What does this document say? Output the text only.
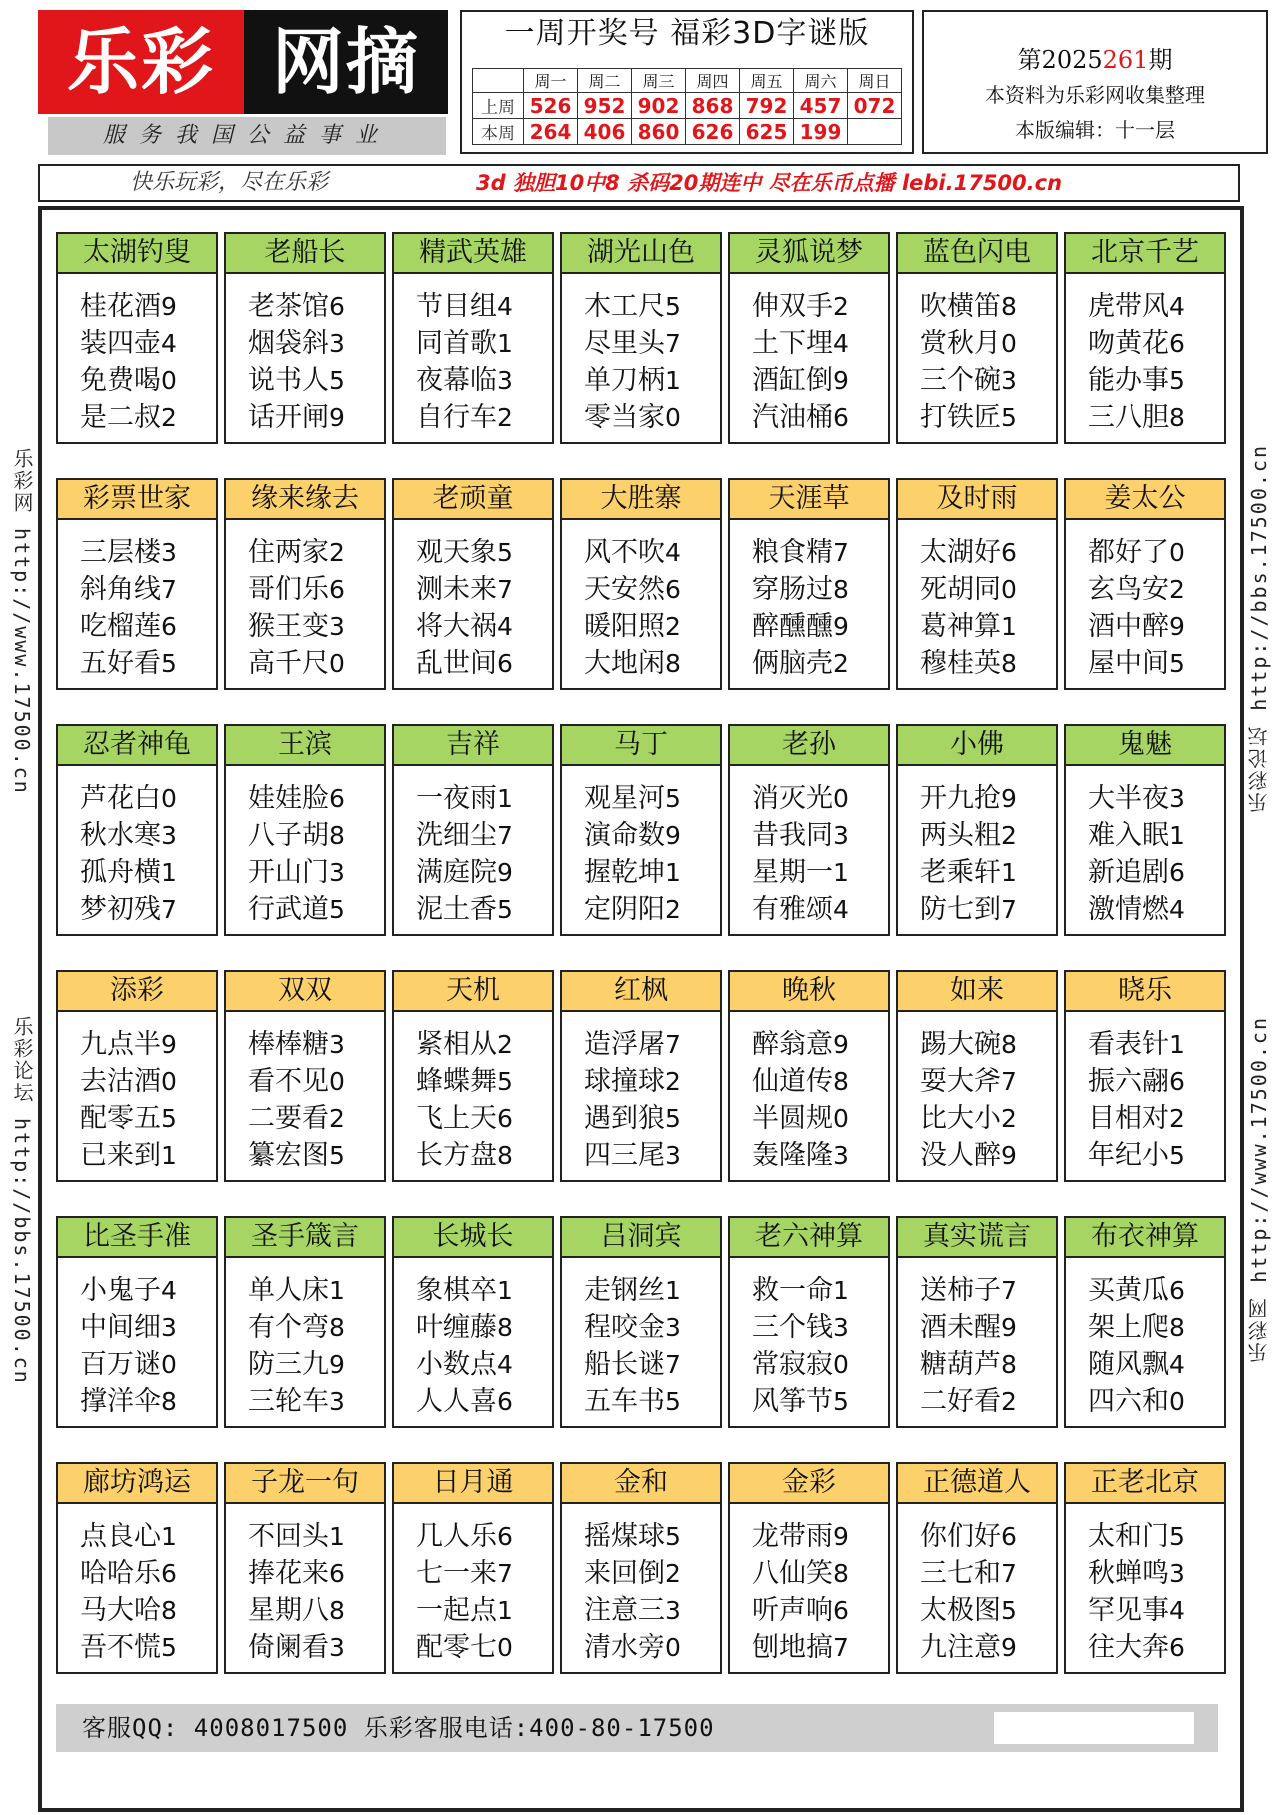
乐彩 网摘
服务我国公益事业
一周开奖号 福彩3D字谜版
	周一	周二	周三	周四	周五	周六	周日
上周	526	952	902	868	792	457	072
本周	264	406	860	626	625	199	
第2025261期
本资料为乐彩网收集整理
本版编辑：十一层
快乐玩彩，尽在乐彩	3d 独胆10中8 杀码20期连中 尽在乐币点播 lebi.17500.cn
乐彩网 http://www.17500.cn
乐彩论坛 http://bbs.17500.cn
乐彩论坛 http://bbs.17500.cn
乐彩网 http://www.17500.cn
太湖钓叟
桂花酒9
装四壶4
免费喝0
是二叔2
老船长
老茶馆6
烟袋斜3
说书人5
话开闸9
精武英雄
节目组4
同首歌1
夜幕临3
自行车2
湖光山色
木工尺5
尽里头7
单刀柄1
零当家0
灵狐说梦
伸双手2
土下埋4
酒缸倒9
汽油桶6
蓝色闪电
吹横笛8
赏秋月0
三个碗3
打铁匠5
北京千艺
虎带风4
吻黄花6
能办事5
三八胆8
彩票世家
三层楼3
斜角线7
吃榴莲6
五好看5
缘来缘去
住两家2
哥们乐6
猴王变3
高千尺0
老顽童
观天象5
测未来7
将大祸4
乱世间6
大胜寨
风不吹4
天安然6
暖阳照2
大地闲8
天涯草
粮食精7
穿肠过8
醉醺醺9
俩脑壳2
及时雨
太湖好6
死胡同0
葛神算1
穆桂英8
姜太公
都好了0
玄鸟安2
酒中醉9
屋中间5
忍者神龟
芦花白0
秋水寒3
孤舟横1
梦初残7
王滨
娃娃脸6
八子胡8
开山门3
行武道5
吉祥
一夜雨1
洗细尘7
满庭院9
泥土香5
马丁
观星河5
演命数9
握乾坤1
定阴阳2
老孙
消灭光0
昔我同3
星期一1
有雅颂4
小佛
开九抢9
两头粗2
老乘轩1
防七到7
鬼魅
大半夜3
难入眠1
新追剧6
激情燃4
添彩
九点半9
去沽酒0
配零五5
已来到1
双双
棒棒糖3
看不见0
二要看2
纂宏图5
天机
紧相从2
蜂蝶舞5
飞上天6
长方盘8
红枫
造浮屠7
球撞球2
遇到狼5
四三尾3
晚秋
醉翁意9
仙道传8
半圆规0
轰隆隆3
如来
踢大碗8
耍大斧7
比大小2
没人醉9
晓乐
看表针1
振六翮6
目相对2
年纪小5
比圣手准
小鬼子4
中间细3
百万谜0
撑洋伞8
圣手箴言
单人床1
有个弯8
防三九9
三轮车3
长城长
象棋卒1
叶缠藤8
小数点4
人人喜6
吕洞宾
走钢丝1
程咬金3
船长谜7
五车书5
老六神算
救一命1
三个钱3
常寂寂0
风筝节5
真实谎言
送柿子7
酒未醒9
糖葫芦8
二好看2
布衣神算
买黄瓜6
架上爬8
随风飘4
四六和0
廊坊鸿运
点良心1
哈哈乐6
马大哈8
吾不慌5
子龙一句
不回头1
捧花来6
星期八8
倚阑看3
日月通
几人乐6
七一来7
一起点1
配零七0
金和
摇煤球5
来回倒2
注意三3
清水旁0
金彩
龙带雨9
八仙笑8
听声响6
刨地搞7
正德道人
你们好6
三七和7
太极图5
九注意9
正老北京
太和门5
秋蝉鸣3
罕见事4
往大奔6
客服QQ: 4008017500 乐彩客服电话:400-80-17500
